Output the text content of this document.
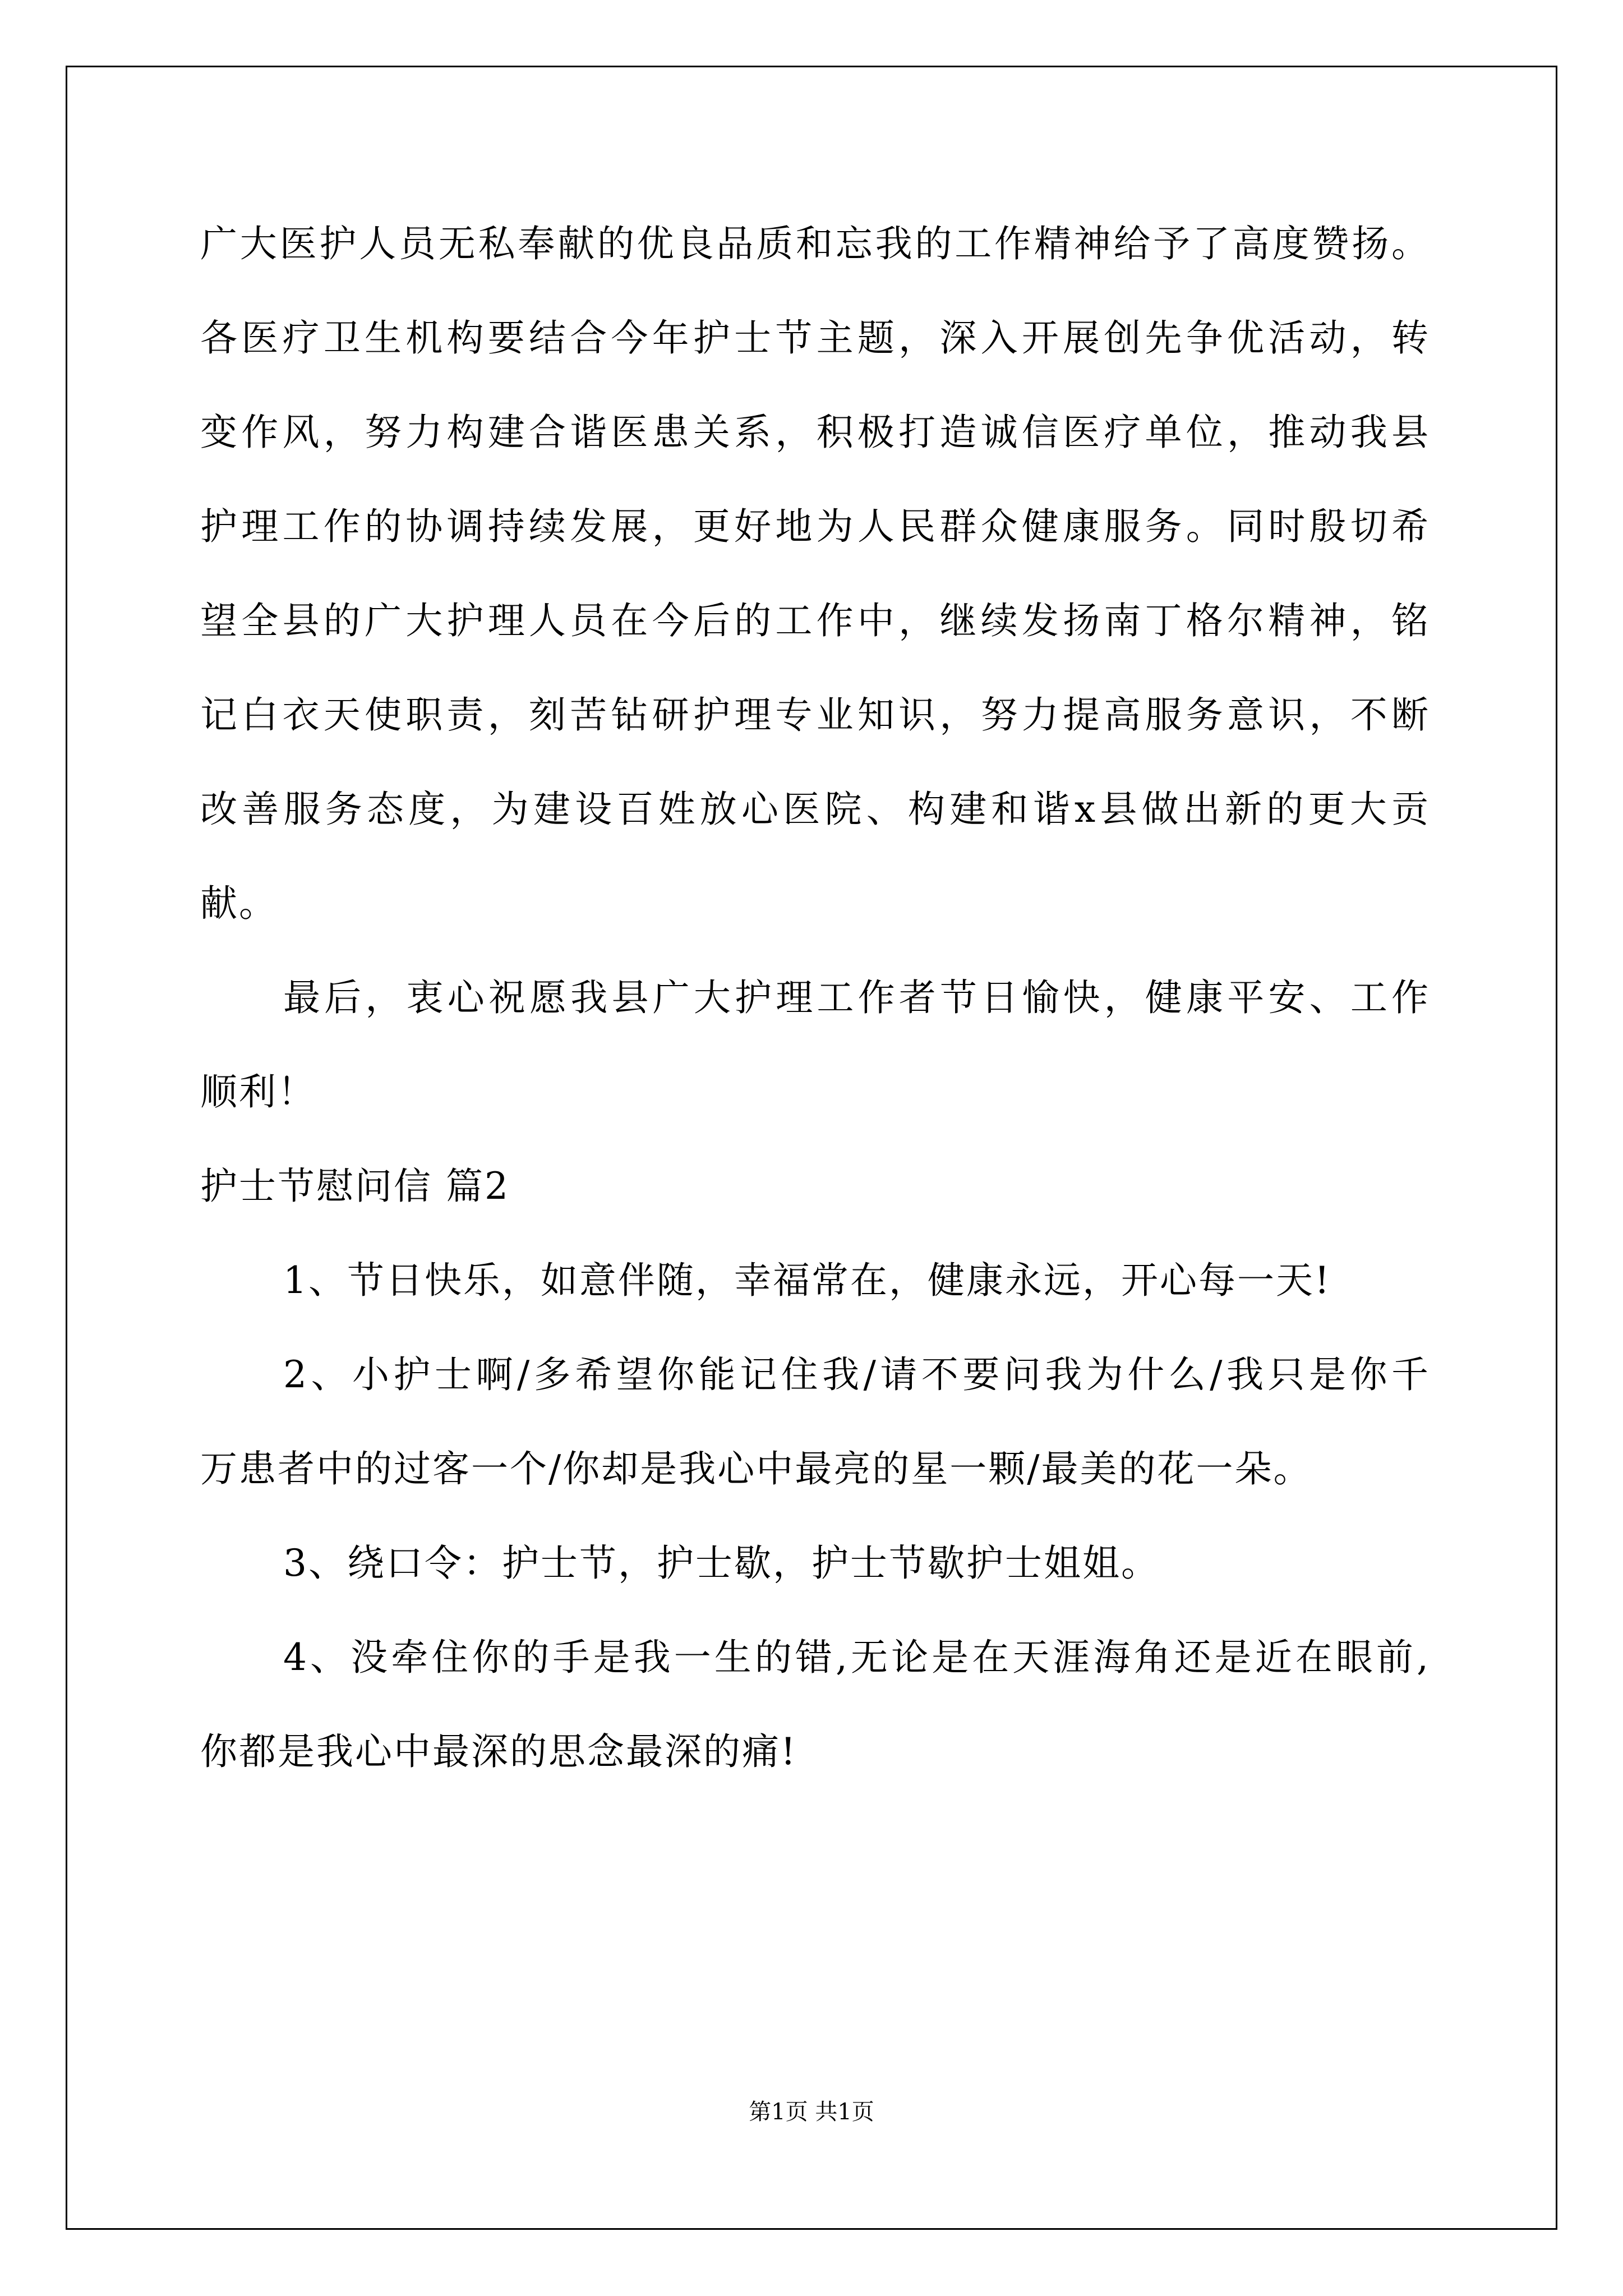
广大医护人员无私奉献的优良品质和忘我的工作精神给予了高度赞扬。
各医疗卫生机构要结合今年护士节主题，深入开展创先争优活动，转
变作风，努力构建合谐医患关系，积极打造诚信医疗单位，推动我县
护理工作的协调持续发展，更好地为人民群众健康服务。同时殷切希
望全县的广大护理人员在今后的工作中，继续发扬南丁格尔精神，铭
记白衣天使职责，刻苦钻研护理专业知识，努力提高服务意识，不断
改善服务态度，为建设百姓放心医院、构建和谐x县做出新的更大贡
献。
最后，衷心祝愿我县广大护理工作者节日愉快，健康平安、工作
顺利！
护士节慰问信 篇2
1、节日快乐，如意伴随，幸福常在，健康永远，开心每一天!
2、小护士啊/多希望你能记住我/请不要问我为什么/我只是你千
万患者中的过客一个/你却是我心中最亮的星一颗/最美的花一朵。
3、绕口令：护士节，护士歇，护士节歇护士姐姐。
4、没牵住你的手是我一生的错,无论是在天涯海角还是近在眼前,
你都是我心中最深的思念最深的痛!
第1页 共1页
